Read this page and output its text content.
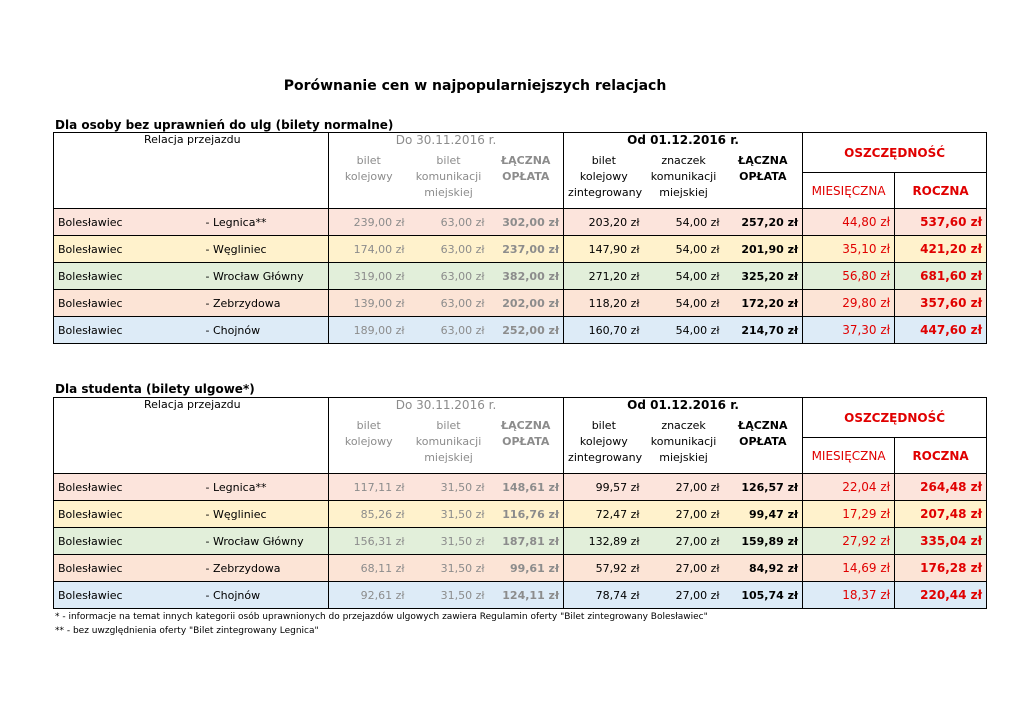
Porównanie cen w najpopularniejszych relacjach
Dla osoby bez uprawnień do ulg (bilety normalne)
Relacja przejazdu		Do 30.11.2016 r.			Od 01.12.2016 r.			OSZCZĘDNOŚĆ	
		bilet kolejowy	bilet komunikacji miejskiej	ŁĄCZNA OPŁATA	bilet kolejowy zintegrowany	znaczek komunikacji miejskiej	ŁĄCZNA OPŁATA		
								MIESIĘCZNA	ROCZNA

Bolesławiec	- Legnica**	239,00 zł	63,00 zł	302,00 zł	203,20 zł	54,00 zł	257,20 zł	44,80 zł	537,60 zł
Bolesławiec	- Węgliniec	174,00 zł	63,00 zł	237,00 zł	147,90 zł	54,00 zł	201,90 zł	35,10 zł	421,20 zł
Bolesławiec	- Wrocław Główny	319,00 zł	63,00 zł	382,00 zł	271,20 zł	54,00 zł	325,20 zł	56,80 zł	681,60 zł
Bolesławiec	- Zebrzydowa	139,00 zł	63,00 zł	202,00 zł	118,20 zł	54,00 zł	172,20 zł	29,80 zł	357,60 zł
Bolesławiec	- Chojnów	189,00 zł	63,00 zł	252,00 zł	160,70 zł	54,00 zł	214,70 zł	37,30 zł	447,60 zł
Dla studenta (bilety ulgowe*)
Relacja przejazdu		Do 30.11.2016 r.			Od 01.12.2016 r.			OSZCZĘDNOŚĆ	
		bilet kolejowy	bilet komunikacji miejskiej	ŁĄCZNA OPŁATA	bilet kolejowy zintegrowany	znaczek komunikacji miejskiej	ŁĄCZNA OPŁATA		
								MIESIĘCZNA	ROCZNA

Bolesławiec	- Legnica**	117,11 zł	31,50 zł	148,61 zł	99,57 zł	27,00 zł	126,57 zł	22,04 zł	264,48 zł
Bolesławiec	- Węgliniec	85,26 zł	31,50 zł	116,76 zł	72,47 zł	27,00 zł	99,47 zł	17,29 zł	207,48 zł
Bolesławiec	- Wrocław Główny	156,31 zł	31,50 zł	187,81 zł	132,89 zł	27,00 zł	159,89 zł	27,92 zł	335,04 zł
Bolesławiec	- Zebrzydowa	68,11 zł	31,50 zł	99,61 zł	57,92 zł	27,00 zł	84,92 zł	14,69 zł	176,28 zł
Bolesławiec	- Chojnów	92,61 zł	31,50 zł	124,11 zł	78,74 zł	27,00 zł	105,74 zł	18,37 zł	220,44 zł
* - informacje na temat innych kategorii osób uprawnionych do przejazdów ulgowych zawiera Regulamin oferty "Bilet zintegrowany Bolesławiec"
** - bez uwzględnienia oferty "Bilet zintegrowany Legnica"
